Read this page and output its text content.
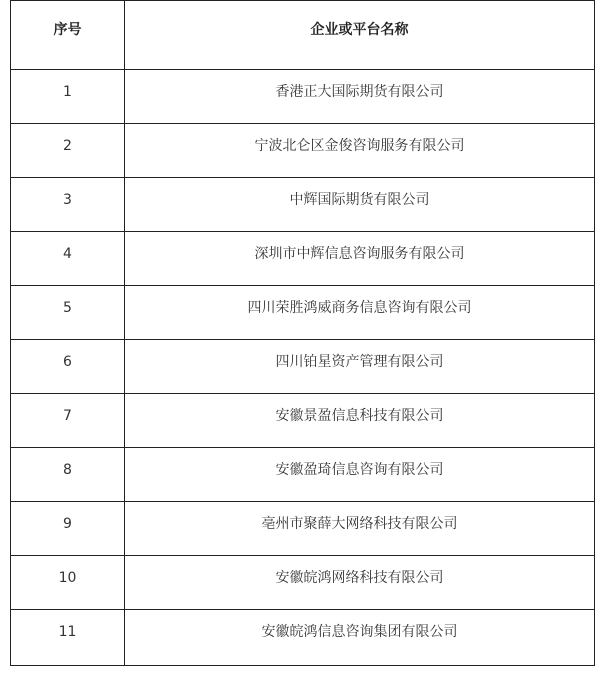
序号	企业或平台名称

1	香港正大国际期货有限公司

2	宁波北仑区金俊咨询服务有限公司

3	中辉国际期货有限公司

4	深圳市中辉信息咨询服务有限公司

5	四川荣胜鸿威商务信息咨询有限公司

6	四川铂星资产管理有限公司

7	安徽景盈信息科技有限公司

8	安徽盈琦信息咨询有限公司

9	亳州市聚薛大网络科技有限公司

10	安徽皖鸿网络科技有限公司

11	安徽皖鸿信息咨询集团有限公司
